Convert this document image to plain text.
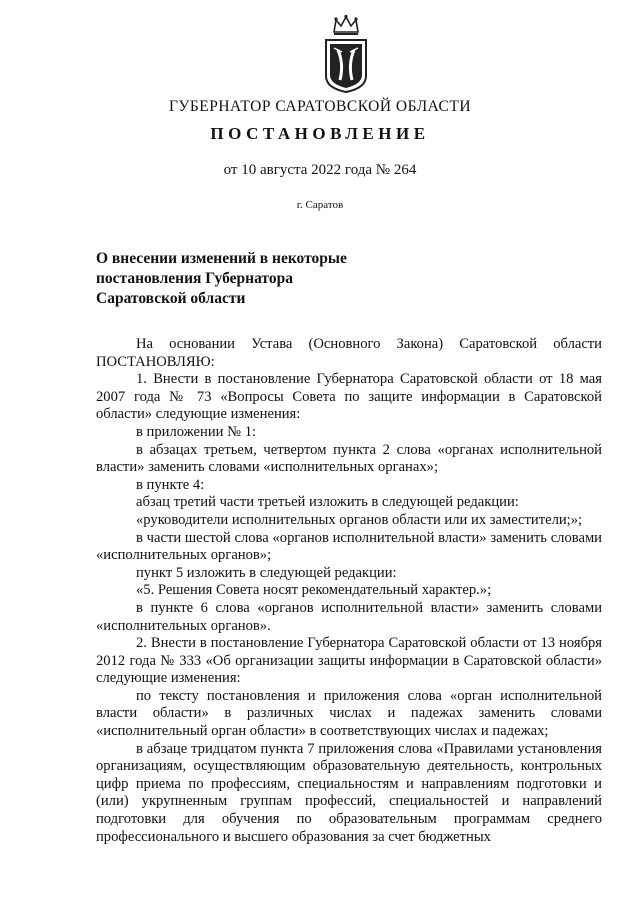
ГУБЕРНАТОР САРАТОВСКОЙ ОБЛАСТИ
ПОСТАНОВЛЕНИЕ
от 10 августа 2022 года № 264
г. Саратов
О внесении изменений в некоторые
постановления Губернатора
Саратовской области

На основании Устава (Основного Закона) Саратовской области ПОСТАНОВЛЯЮ:

1. Внести в постановление Губернатора Саратовской области от 18 мая 2007 года № 73 «Вопросы Совета по защите информации в Саратовской области» следующие изменения:

в приложении № 1:

в абзацах третьем, четвертом пункта 2 слова «органах исполнительной власти» заменить словами «исполнительных органах»;

в пункте 4:

абзац третий части третьей изложить в следующей редакции:

«руководители исполнительных органов области или их заместители;»;

в части шестой слова «органов исполнительной власти» заменить словами «исполнительных органов»;

пункт 5 изложить в следующей редакции:

«5. Решения Совета носят рекомендательный характер.»;

в пункте 6 слова «органов исполнительной власти» заменить словами «исполнительных органов».

2. Внести в постановление Губернатора Саратовской области от 13 ноября 2012 года № 333 «Об организации защиты информации в Саратовской области» следующие изменения:

по тексту постановления и приложения слова «орган исполнительной власти области» в различных числах и падежах заменить словами «исполнительный орган области» в соответствующих числах и падежах;

в абзаце тридцатом пункта 7 приложения слова «Правилами установления организациям, осуществляющим образовательную деятельность, контрольных цифр приема по профессиям, специальностям и направлениям подготовки и (или) укрупненным группам профессий, специальностей и направлений подготовки для обучения по образовательным программам среднего профессионального и высшего образования за счет бюджетных
